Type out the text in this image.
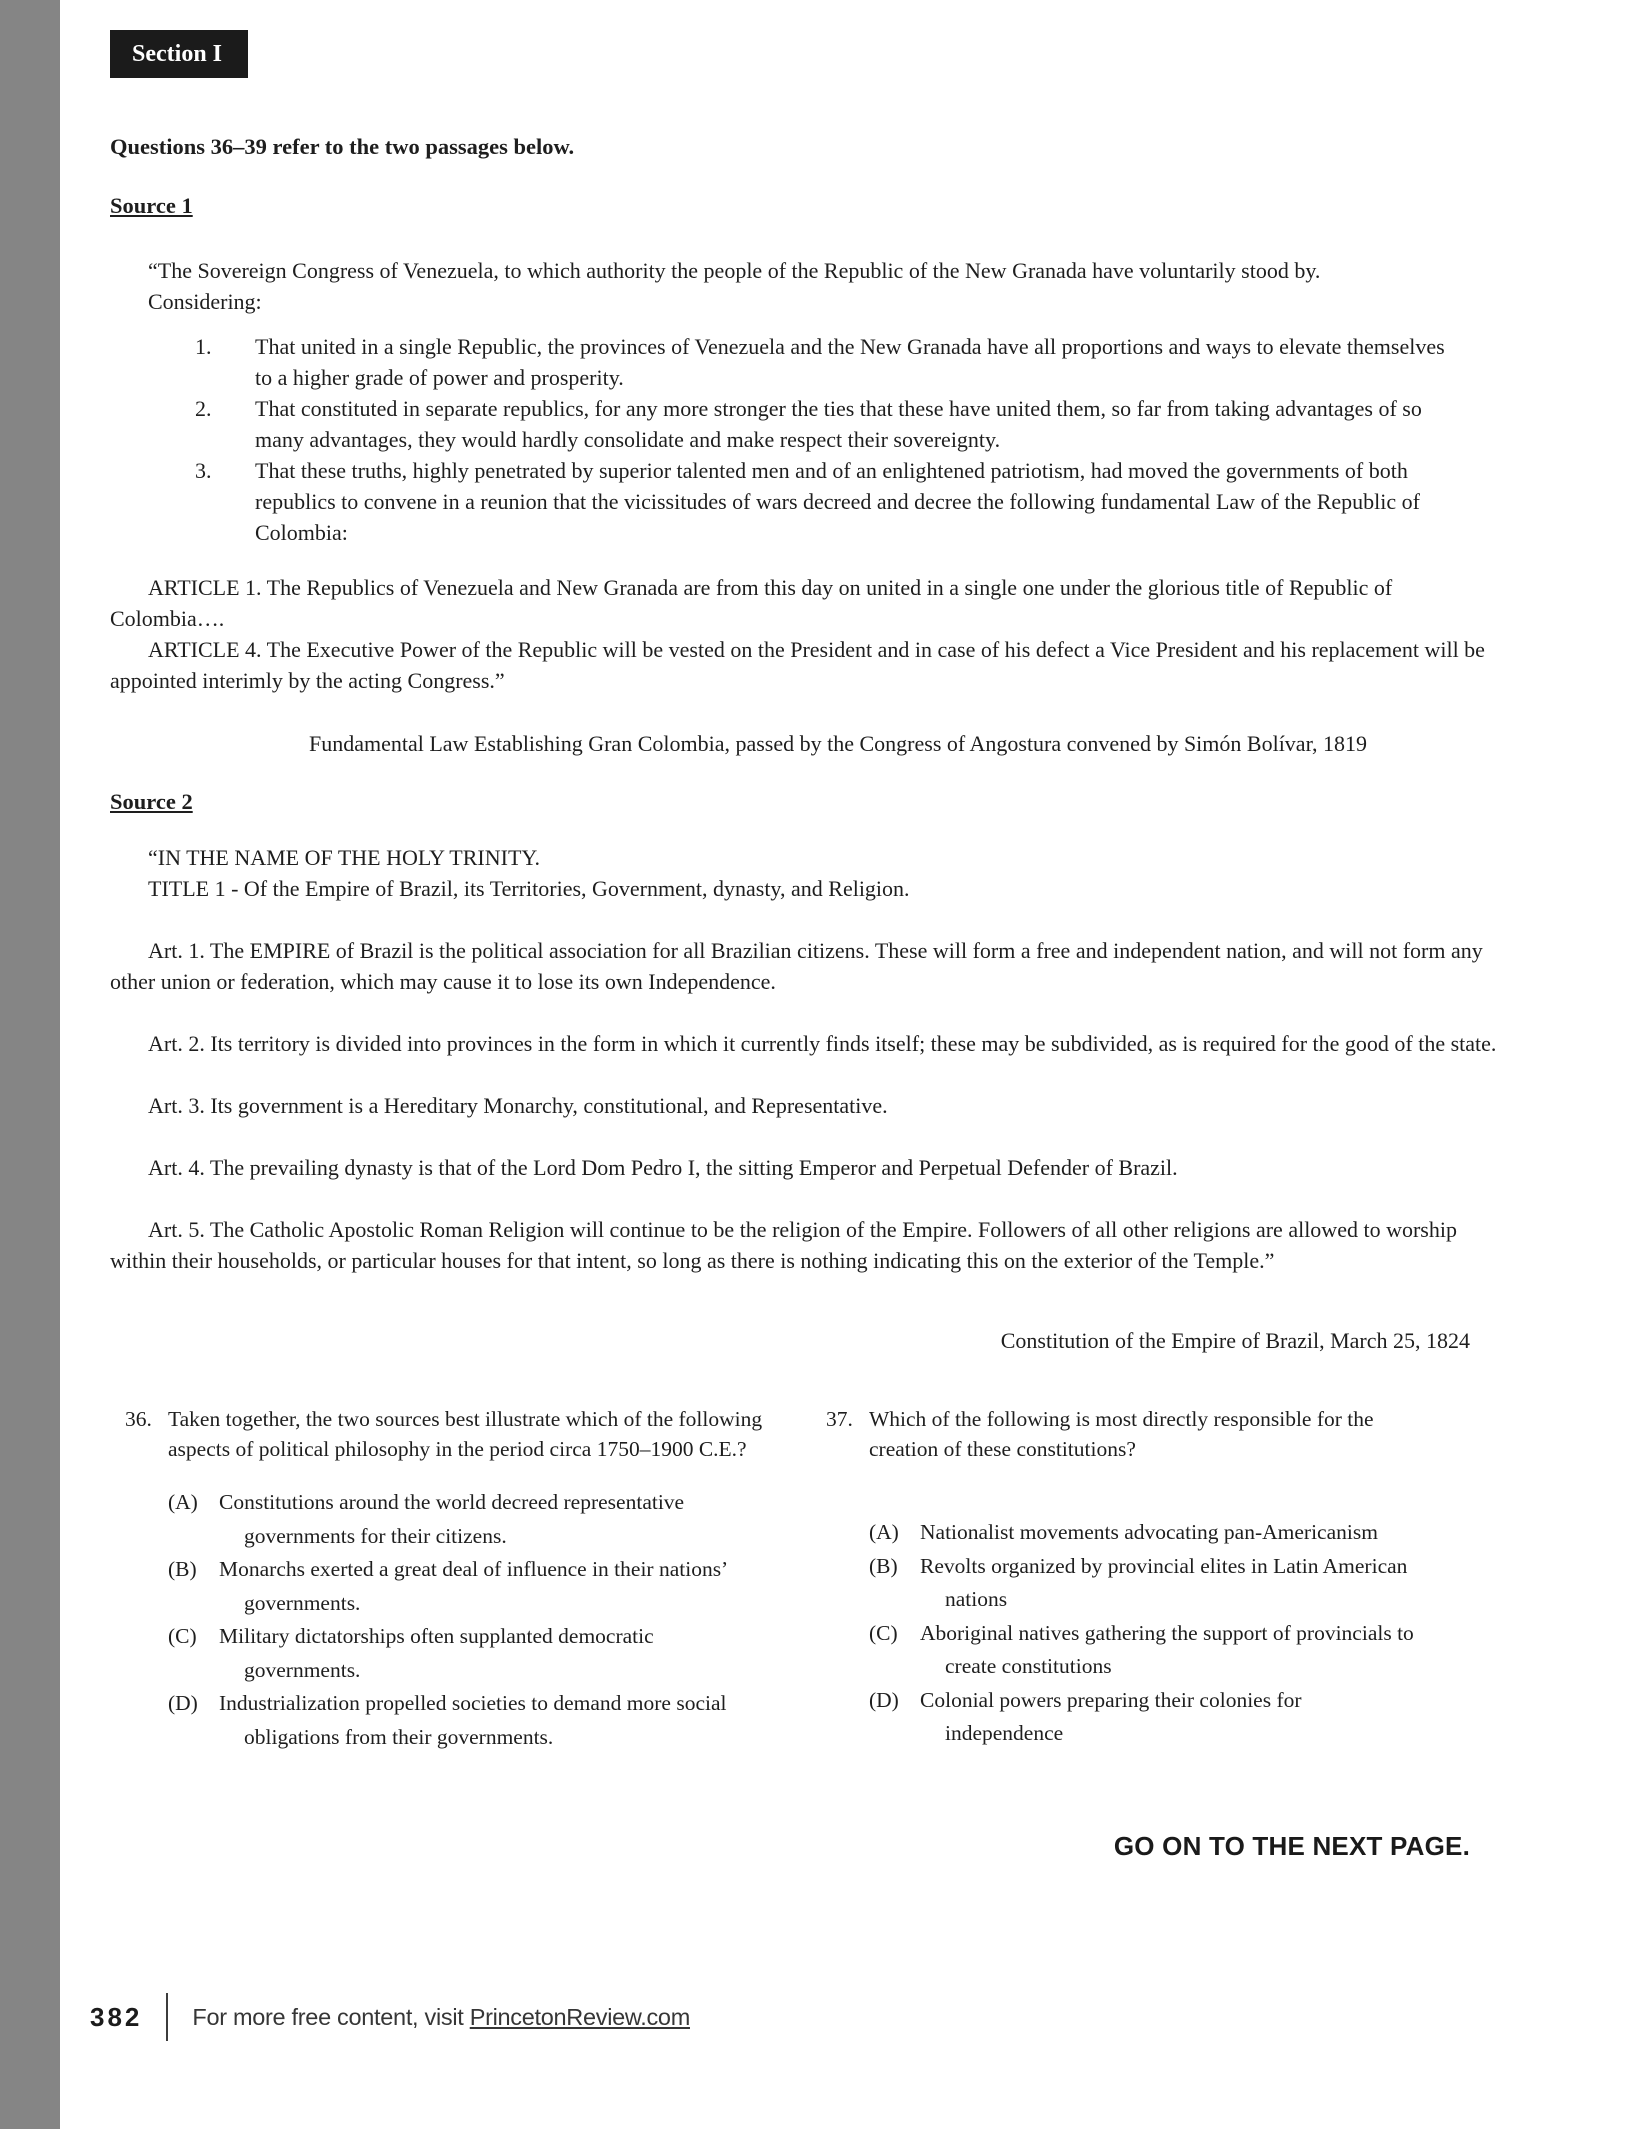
Section I
Questions 36–39 refer to the two passages below.
Source 1

“The Sovereign Congress of Venezuela, to which authority the people of the Republic of the New Granada have voluntarily stood by.

Considering:

1.	That united in a single Republic, the provinces of Venezuela and the New Granada have all proportions and ways to elevate themselves to a higher grade of power and prosperity.
2.	That constituted in separate republics, for any more stronger the ties that these have united them, so far from taking advantages of so many advantages, they would hardly consolidate and make respect their sovereignty.
3.	That these truths, highly penetrated by superior talented men and of an enlightened patriotism, had moved the governments of both republics to convene in a reunion that the vicissitudes of wars decreed and decree the following fundamental Law of the Republic of Colombia:

ARTICLE 1. The Republics of Venezuela and New Granada are from this day on united in a single one under the glorious title of Republic of Colombia….

ARTICLE 4. The Executive Power of the Republic will be vested on the President and in case of his defect a Vice President and his replacement will be appointed interimly by the acting Congress.”

Fundamental Law Establishing Gran Colombia, passed by the Congress of Angostura convened by Simón Bolívar, 1819
Source 2

“IN THE NAME OF THE HOLY TRINITY.

TITLE 1 - Of the Empire of Brazil, its Territories, Government, dynasty, and Religion.

Art. 1. The EMPIRE of Brazil is the political association for all Brazilian citizens. These will form a free and independent nation, and will not form any other union or federation, which may cause it to lose its own Independence.

Art. 2. Its territory is divided into provinces in the form in which it currently finds itself; these may be subdivided, as is required for the good of the state.

Art. 3. Its government is a Hereditary Monarchy, constitutional, and Representative.

Art. 4. The prevailing dynasty is that of the Lord Dom Pedro I, the sitting Emperor and Perpetual Defender of Brazil.

Art. 5. The Catholic Apostolic Roman Religion will continue to be the religion of the Empire. Followers of all other religions are allowed to worship within their households, or particular houses for that intent, so long as there is nothing indicating this on the exterior of the Temple.”

Constitution of the Empire of Brazil, March 25, 1824
36. Taken together, the two sources best illustrate which of the following aspects of political philosophy in the period circa 1750–1900 C.E.?
(A) Constitutions around the world decreed representative governments for their citizens.
(B)	Monarchs exerted a great deal of influence in their nations’ governments.
(C)	Military dictatorships often supplanted democratic governments.
(D) Industrialization propelled societies to demand more social obligations from their governments.
37. Which of the following is most directly responsible for the creation of these constitutions?
(A) Nationalist movements advocating pan-Americanism
(B)	Revolts organized by provincial elites in Latin American nations
(C)	Aboriginal natives gathering the support of provincials to create constitutions
(D) Colonial powers preparing their colonies for independence
GO ON TO THE NEXT PAGE.
382 For more free content, visit PrincetonReview.com
